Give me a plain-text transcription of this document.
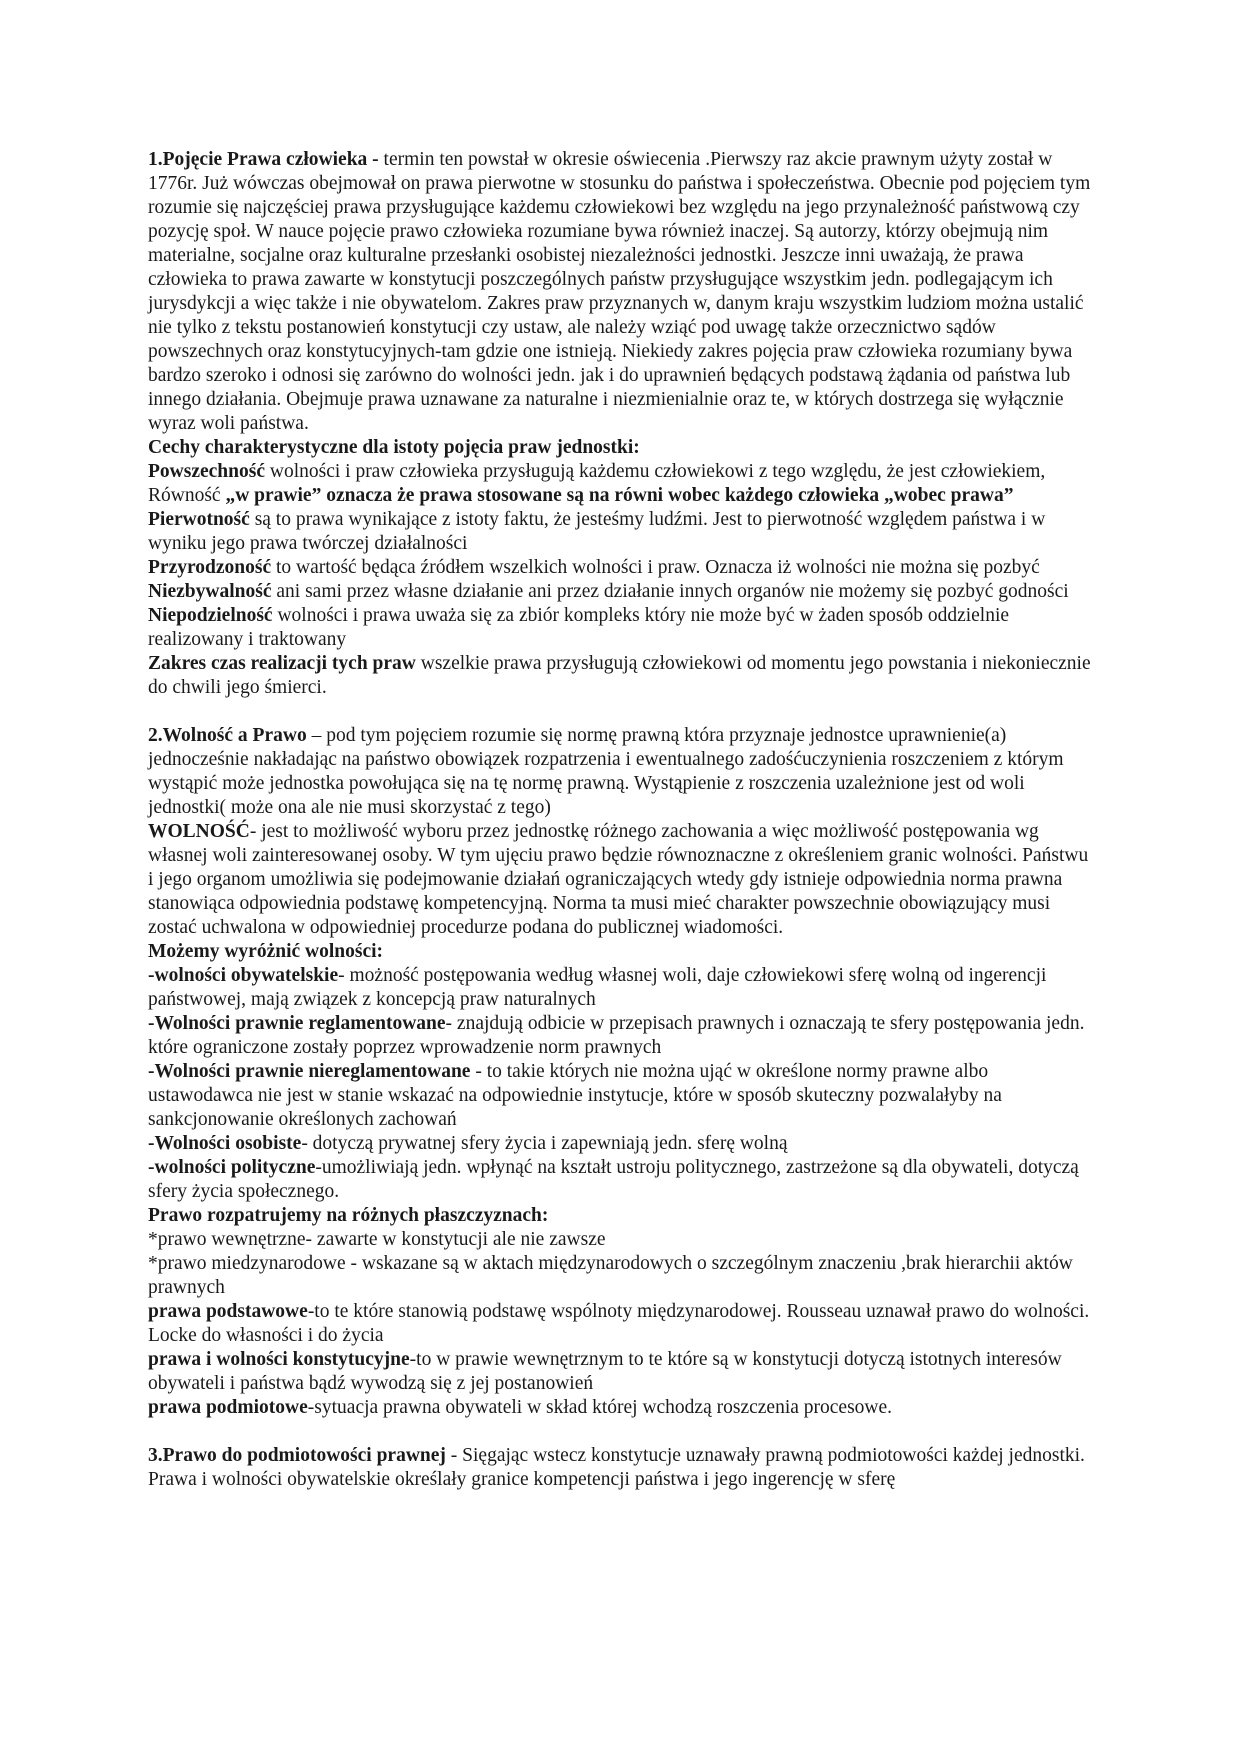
1.Pojęcie Prawa człowieka - termin ten powstał w okresie oświecenia .Pierwszy raz akcie prawnym użyty został w 1776r. Już wówczas obejmował on prawa pierwotne w stosunku do państwa i społeczeństwa. Obecnie pod pojęciem tym rozumie się najczęściej prawa przysługujące każdemu człowiekowi bez względu na jego przynależność państwową czy pozycję społ. W nauce pojęcie prawo człowieka rozumiane bywa również inaczej. Są autorzy, którzy obejmują nim materialne, socjalne oraz kulturalne przesłanki osobistej niezależności jednostki. Jeszcze inni uważają, że prawa człowieka to prawa zawarte w konstytucji poszczególnych państw przysługujące wszystkim jedn. podlegającym ich jurysdykcji a więc także i nie obywatelom. Zakres praw przyznanych w, danym kraju wszystkim ludziom można ustalić nie tylko z tekstu postanowień konstytucji czy ustaw, ale należy wziąć pod uwagę także orzecznictwo sądów powszechnych oraz konstytucyjnych-tam gdzie one istnieją. Niekiedy zakres pojęcia praw człowieka rozumiany bywa bardzo szeroko i odnosi się zarówno do wolności jedn. jak i do uprawnień będących podstawą żądania od państwa lub innego działania. Obejmuje prawa uznawane za naturalne i niezmienialnie oraz te, w których dostrzega się wyłącznie wyraz woli państwa.

Cechy charakterystyczne dla istoty pojęcia praw jednostki:

Powszechność wolności i praw człowieka przysługują każdemu człowiekowi z tego względu, że jest człowiekiem,

Równość „w prawie” oznacza że prawa stosowane są na równi wobec każdego człowieka „wobec prawa”

Pierwotność są to prawa wynikające z istoty faktu, że jesteśmy ludźmi. Jest to pierwotność względem państwa i w wyniku jego prawa twórczej działalności

Przyrodzoność to wartość będąca źródłem wszelkich wolności i praw. Oznacza iż wolności nie można się pozbyć

Niezbywalność ani sami przez własne działanie ani przez działanie innych organów nie możemy się pozbyć godności

Niepodzielność wolności i prawa uważa się za zbiór kompleks który nie może być w żaden sposób oddzielnie realizowany i traktowany

Zakres czas realizacji tych praw wszelkie prawa przysługują człowiekowi od momentu jego powstania i niekoniecznie do chwili jego śmierci.

2.Wolność a Prawo – pod tym pojęciem rozumie się normę prawną która przyznaje jednostce uprawnienie(a) jednocześnie nakładając na państwo obowiązek rozpatrzenia i ewentualnego zadośćuczynienia roszczeniem z którym wystąpić może jednostka powołująca się na tę normę prawną. Wystąpienie z roszczenia uzależnione jest od woli jednostki( może ona ale nie musi skorzystać z tego)

WOLNOŚĆ- jest to możliwość wyboru przez jednostkę różnego zachowania a więc możliwość postępowania wg własnej woli zainteresowanej osoby. W tym ujęciu prawo będzie równoznaczne z określeniem granic wolności. Państwu i jego organom umożliwia się podejmowanie działań ograniczających wtedy gdy istnieje odpowiednia norma prawna stanowiąca odpowiednia podstawę kompetencyjną. Norma ta musi mieć charakter powszechnie obowiązujący musi zostać uchwalona w odpowiedniej procedurze podana do publicznej wiadomości.

Możemy wyróżnić wolności:

-wolności obywatelskie- możność postępowania według własnej woli, daje człowiekowi sferę wolną od ingerencji państwowej, mają związek z koncepcją praw naturalnych

-Wolności prawnie reglamentowane- znajdują odbicie w przepisach prawnych i oznaczają te sfery postępowania jedn. które ograniczone zostały poprzez wprowadzenie norm prawnych

-Wolności prawnie niereglamentowane - to takie których nie można ująć w określone normy prawne albo ustawodawca nie jest w stanie wskazać na odpowiednie instytucje, które w sposób skuteczny pozwalałyby na sankcjonowanie określonych zachowań

-Wolności osobiste- dotyczą prywatnej sfery życia i zapewniają jedn. sferę wolną

-wolności polityczne-umożliwiają jedn. wpłynąć na kształt ustroju politycznego, zastrzeżone są dla obywateli, dotyczą sfery życia społecznego.

Prawo rozpatrujemy na różnych płaszczyznach:

*prawo wewnętrzne- zawarte w konstytucji ale nie zawsze

*prawo miedzynarodowe - wskazane są w aktach międzynarodowych o szczególnym znaczeniu ,brak hierarchii aktów prawnych

prawa podstawowe-to te które stanowią podstawę wspólnoty międzynarodowej. Rousseau uznawał prawo do wolności. Locke do własności i do życia

prawa i wolności konstytucyjne-to w prawie wewnętrznym to te które są w konstytucji dotyczą istotnych interesów obywateli i państwa bądź wywodzą się z jej postanowień

prawa podmiotowe-sytuacja prawna obywateli w skład której wchodzą roszczenia procesowe.

3.Prawo do podmiotowości prawnej - Sięgając wstecz konstytucje uznawały prawną podmiotowości każdej jednostki. Prawa i wolności obywatelskie określały granice kompetencji państwa i jego ingerencję w sferę
